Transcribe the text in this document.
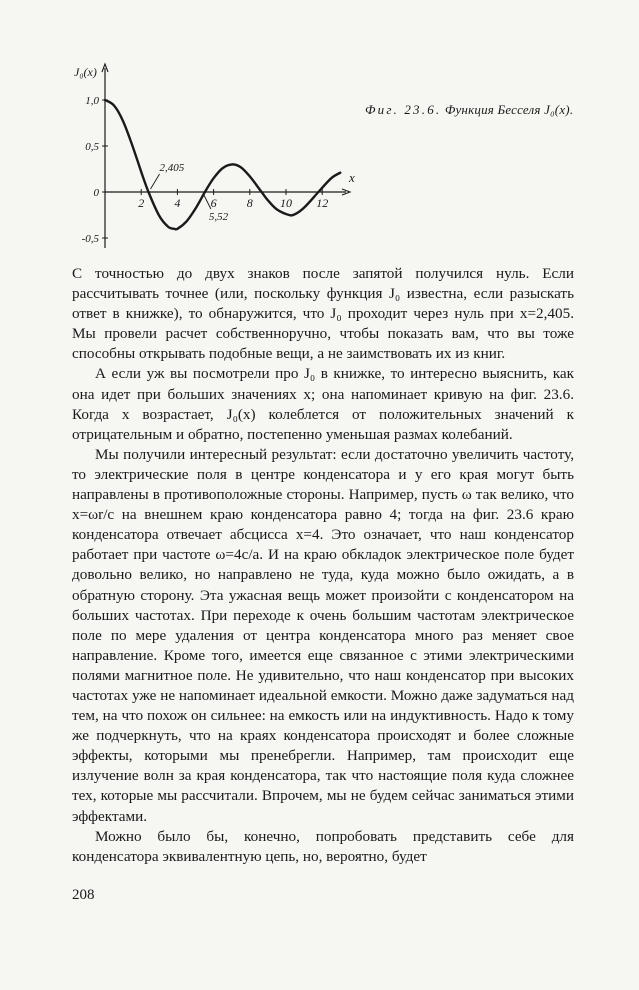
2	4	6	8 10 12
1,0
0,5
0
-0,5
J₀(x)
x
2,405
5,52
Фиг. 23.6. Функция Бесселя J₀(x).

С точностью до двух знаков после запятой получился нуль. Если рассчитывать точнее (или, поскольку функция J₀ известна, если разыскать ответ в книжке), то обнаружится, что J₀ проходит через нуль при x=2,405. Мы провели расчет собственноручно, чтобы показать вам, что вы тоже способны открывать подобные вещи, а не заимствовать их из книг.

А если уж вы посмотрели про J₀ в книжке, то интересно выяснить, как она идет при больших значениях x; она напоминает кривую на фиг. 23.6. Когда x возрастает, J₀(x) колеблется от положительных значений к отрицательным и обратно, постепенно уменьшая размах колебаний.

Мы получили интересный результат: если достаточно увеличить частоту, то электрические поля в центре конденсатора и у его края могут быть направлены в противоположные стороны. Например, пусть ω так велико, что x=ωr/c на внешнем краю конденсатора равно 4; тогда на фиг. 23.6 краю конденсатора отвечает абсцисса x=4. Это означает, что наш конденсатор работает при частоте ω=4c/a. И на краю обкладок электрическое поле будет довольно велико, но направлено не туда, куда можно было ожидать, а в обратную сторону. Эта ужасная вещь может произойти с конденсатором на больших частотах. При переходе к очень большим частотам электрическое поле по мере удаления от центра конденсатора много раз меняет свое направление. Кроме того, имеется еще связанное с этими электрическими полями магнитное поле. Не удивительно, что наш конденсатор при высоких частотах уже не напоминает идеальной емкости. Можно даже задуматься над тем, на что похож он сильнее: на емкость или на индуктивность. Надо к тому же подчеркнуть, что на краях конденсатора происходят и более сложные эффекты, которыми мы пренебрегли. Например, там происходит еще излучение волн за края конденсатора, так что настоящие поля куда сложнее тех, которые мы рассчитали. Впрочем, мы не будем сейчас заниматься этими эффектами.

Можно было бы, конечно, попробовать представить себе для конденсатора эквивалентную цепь, но, вероятно, будет

208
